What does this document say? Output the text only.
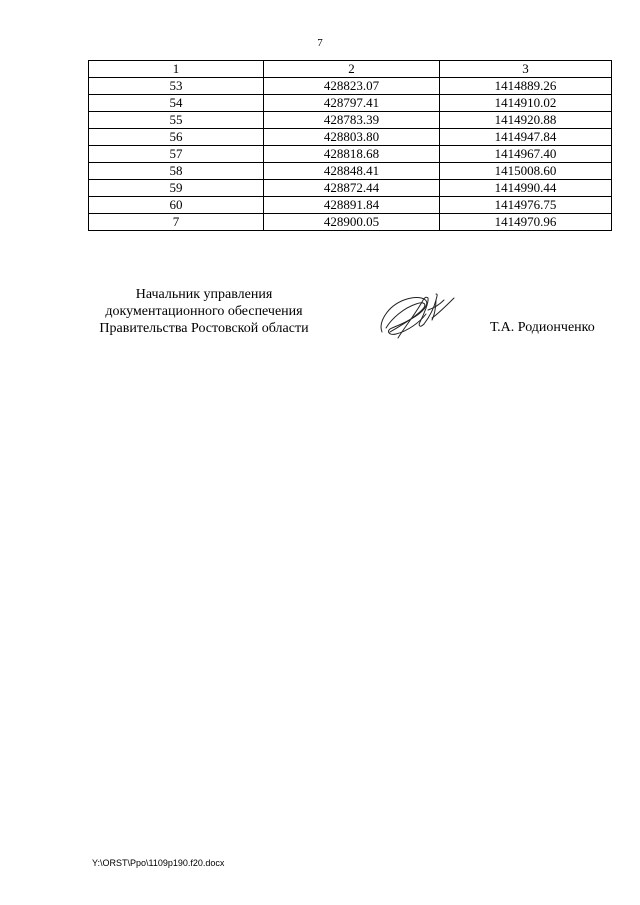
7
1	2	3
53	428823.07	1414889.26
54	428797.41	1414910.02
55	428783.39	1414920.88
56	428803.80	1414947.84
57	428818.68	1414967.40
58	428848.41	1415008.60
59	428872.44	1414990.44
60	428891.84	1414976.75
7	428900.05	1414970.96
Начальник управления
документационного обеспечения
Правительства Ростовской области	Т.А. Родионченко
Y:\ORST\Ppo\1109p190.f20.docx
